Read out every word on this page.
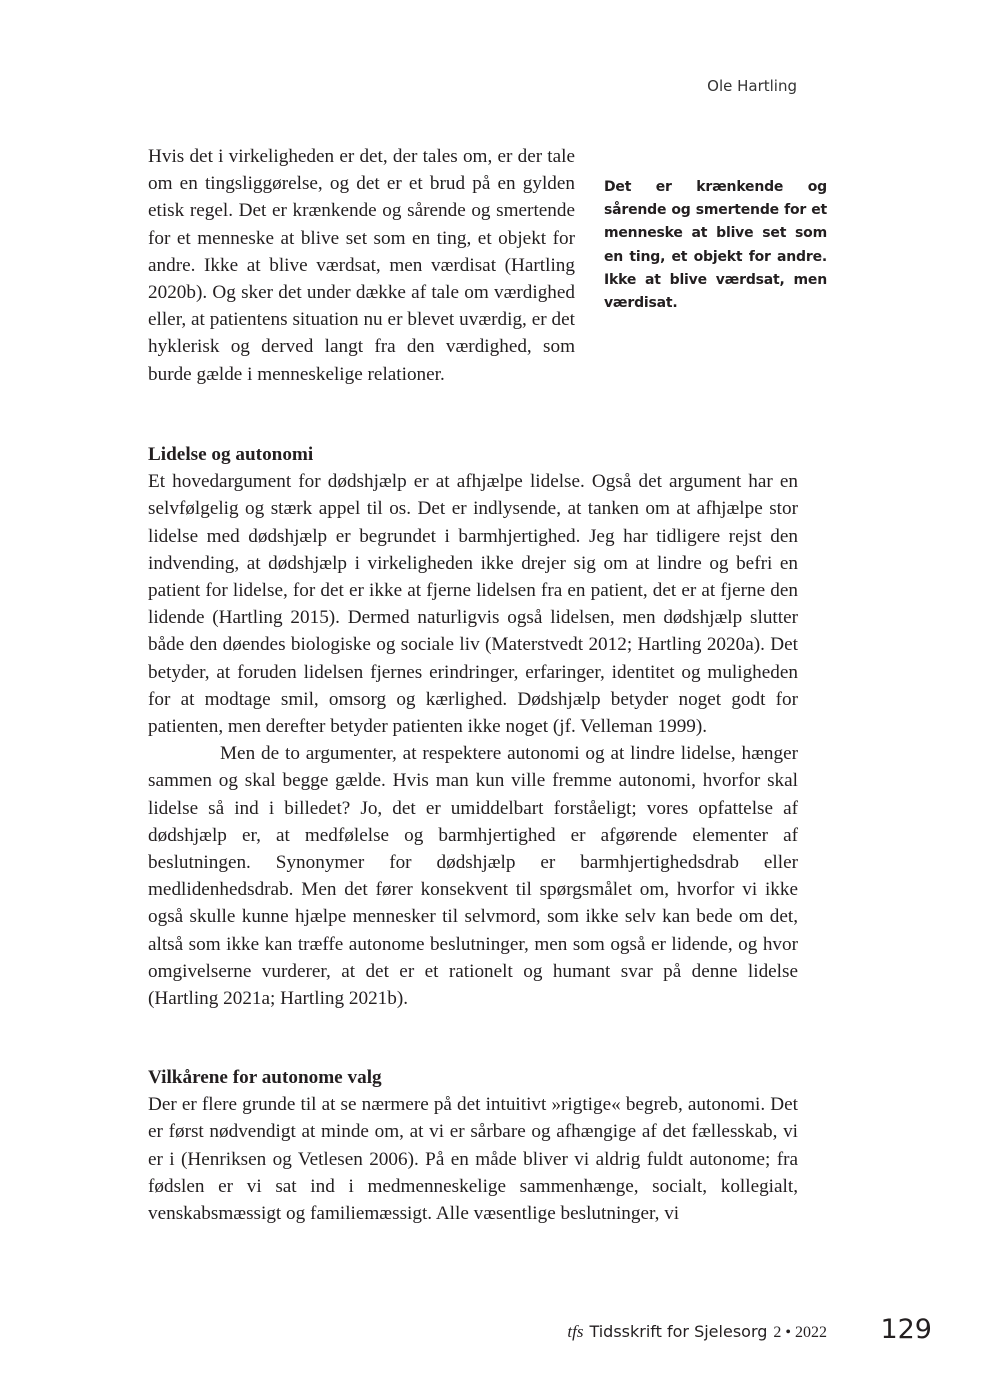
Ole Hartling

Hvis det i virkeligheden er det, der tales om, er der tale om en tingsliggørelse, og det er et brud på en gylden etisk regel. Det er krænkende og sårende og smertende for et menneske at blive set som en ting, et objekt for andre. Ikke at blive værdsat, men værdisat (Hartling 2020b). Og sker det under dække af tale om værdighed eller, at patientens situation nu er blevet uværdig, er det hyklerisk og derved langt fra den værdighed, som burde gælde i menneskelige relationer.

Det er krænkende og sårende og smertende for et menneske at blive set som en ting, et objekt for andre. Ikke at blive værdsat, men værdisat.
Lidelse og autonomi

Et hovedargument for dødshjælp er at afhjælpe lidelse. Også det argument har en selvfølgelig og stærk appel til os. Det er indlysende, at tanken om at afhjælpe stor lidelse med dødshjælp er begrundet i barmhjertighed. Jeg har tidligere rejst den indvending, at dødshjælp i virkeligheden ikke drejer sig om at lindre og befri en patient for lidelse, for det er ikke at fjerne lidelsen fra en patient, det er at fjerne den lidende (Hartling 2015). Dermed naturligvis også lidelsen, men dødshjælp slutter både den døendes biologiske og sociale liv (Materstvedt 2012; Hartling 2020a). Det betyder, at foruden lidelsen fjernes erindringer, erfaringer, identitet og muligheden for at modtage smil, omsorg og kærlighed. Dødshjælp betyder noget godt for patienten, men derefter betyder patienten ikke noget (jf. Velleman 1999).

Men de to argumenter, at respektere autonomi og at lindre lidelse, hænger sammen og skal begge gælde. Hvis man kun ville fremme autonomi, hvorfor skal lidelse så ind i billedet? Jo, det er umiddelbart forståeligt; vores opfattelse af dødshjælp er, at medfølelse og barmhjertighed er afgørende elementer af beslutningen. Synonymer for dødshjælp er barmhjertighedsdrab eller medlidenhedsdrab. Men det fører konsekvent til spørgsmålet om, hvorfor vi ikke også skulle kunne hjælpe mennesker til selvmord, som ikke selv kan bede om det, altså som ikke kan træffe autonome beslutninger, men som også er lidende, og hvor omgivelserne vurderer, at det er et rationelt og humant svar på denne lidelse (Hartling 2021a; Hartling 2021b).

Vilkårene for autonome valg

Der er flere grunde til at se nærmere på det intuitivt »rigtige« begreb, autonomi. Det er først nødvendigt at minde om, at vi er sårbare og afhængige af det fællesskab, vi er i (Henriksen og Vetlesen 2006). På en måde bliver vi aldrig fuldt autonome; fra fødslen er vi sat ind i medmenneskelige sammenhænge, socialt, kollegialt, venskabsmæssigt og familiemæssigt. Alle væsentlige beslutninger, vi

tfs Tidsskrift for Sjelesorg 2 • 2022 129
